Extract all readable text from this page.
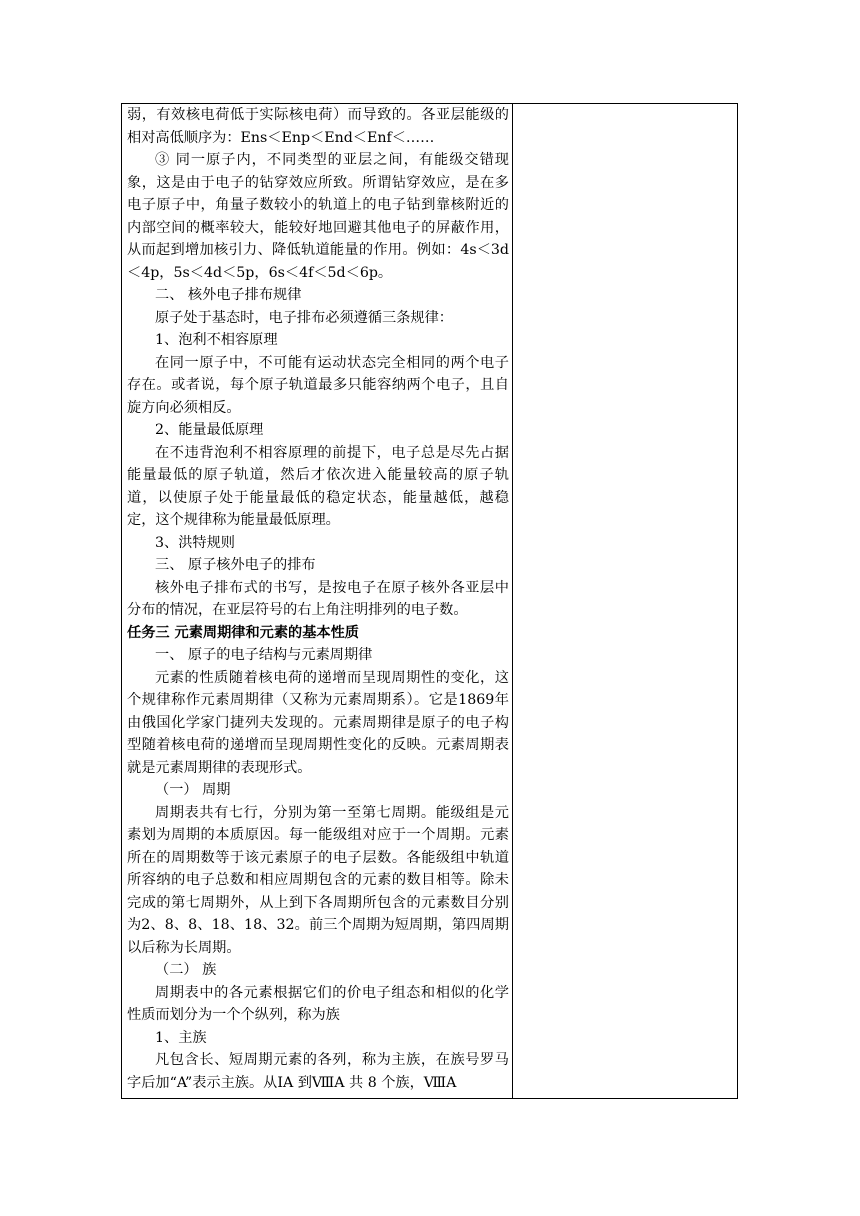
弱，有效核电荷低于实际核电荷）而导致的。各亚层能级的相对高低顺序为：Ens＜Enp＜End＜Enf＜……

③ 同一原子内，不同类型的亚层之间，有能级交错现象，这是由于电子的钻穿效应所致。所谓钻穿效应，是在多电子原子中，角量子数较小的轨道上的电子钻到靠核附近的内部空间的概率较大，能较好地回避其他电子的屏蔽作用，从而起到增加核引力、降低轨道能量的作用。例如：4s＜3d＜4p，5s＜4d＜5p，6s＜4f＜5d＜6p。

二、 核外电子排布规律

原子处于基态时，电子排布必须遵循三条规律：

1、泡利不相容原理

在同一原子中，不可能有运动状态完全相同的两个电子存在。或者说，每个原子轨道最多只能容纳两个电子，且自旋方向必须相反。

2、能量最低原理

在不违背泡利不相容原理的前提下，电子总是尽先占据能量最低的原子轨道，然后才依次进入能量较高的原子轨道，以使原子处于能量最低的稳定状态，能量越低，越稳定，这个规律称为能量最低原理。

3、洪特规则

三、 原子核外电子的排布

核外电子排布式的书写，是按电子在原子核外各亚层中分布的情况，在亚层符号的右上角注明排列的电子数。

任务三 元素周期律和元素的基本性质

一、 原子的电子结构与元素周期律

元素的性质随着核电荷的递增而呈现周期性的变化，这个规律称作元素周期律（又称为元素周期系）。它是1869年由俄国化学家门捷列夫发现的。元素周期律是原子的电子构型随着核电荷的递增而呈现周期性变化的反映。元素周期表就是元素周期律的表现形式。

（一） 周期

周期表共有七行，分别为第一至第七周期。能级组是元素划为周期的本质原因。每一能级组对应于一个周期。元素所在的周期数等于该元素原子的电子层数。各能级组中轨道所容纳的电子总数和相应周期包含的元素的数目相等。除未完成的第七周期外，从上到下各周期所包含的元素数目分别为2、8、8、18、18、32。前三个周期为短周期，第四周期以后称为长周期。

（二） 族

周期表中的各元素根据它们的价电子组态和相似的化学性质而划分为一个个纵列，称为族

1、主族

凡包含长、短周期元素的各列，称为主族，在族号罗马字后加“A”表示主族。从ⅠA 到ⅧA 共 8 个族，ⅧA
